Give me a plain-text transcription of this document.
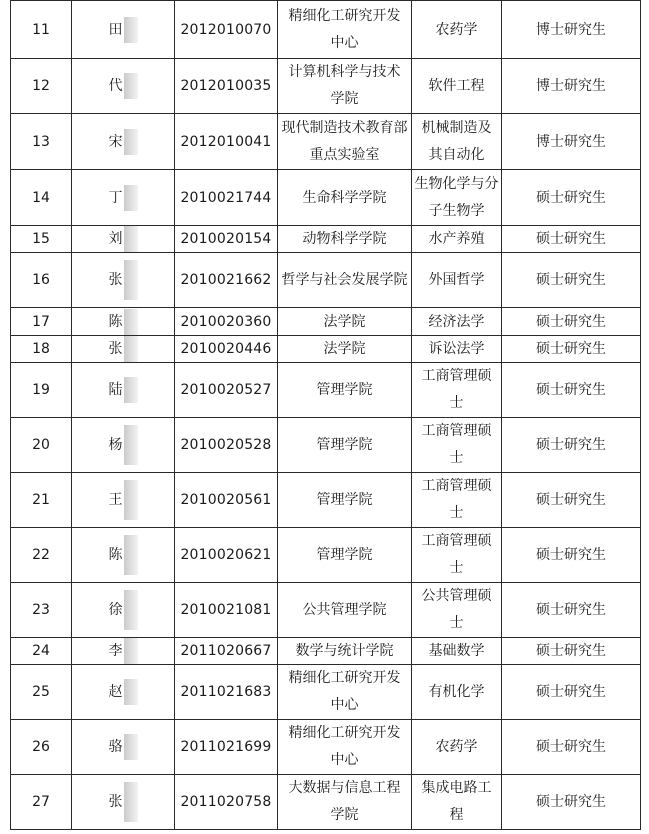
11	田	2012010070	精细化工研究开发中心	农药学	博士研究生
12	代	2012010035	计算机科学与技术学院	软件工程	博士研究生
13	宋	2012010041	现代制造技术教育部重点实验室	机械制造及其自动化	博士研究生
14	丁	2010021744	生命科学学院	生物化学与分子生物学	硕士研究生
15	刘	2010020154	动物科学学院	水产养殖	硕士研究生
16	张	2010021662	哲学与社会发展学院	外国哲学	硕士研究生
17	陈	2010020360	法学院	经济法学	硕士研究生
18	张	2010020446	法学院	诉讼法学	硕士研究生
19	陆	2010020527	管理学院	工商管理硕士	硕士研究生
20	杨	2010020528	管理学院	工商管理硕士	硕士研究生
21	王	2010020561	管理学院	工商管理硕士	硕士研究生
22	陈	2010020621	管理学院	工商管理硕士	硕士研究生
23	徐	2010021081	公共管理学院	公共管理硕士	硕士研究生
24	李	2011020667	数学与统计学院	基础数学	硕士研究生
25	赵	2011021683	精细化工研究开发中心	有机化学	硕士研究生
26	骆	2011021699	精细化工研究开发中心	农药学	硕士研究生
27	张	2011020758	大数据与信息工程学院	集成电路工程	硕士研究生
